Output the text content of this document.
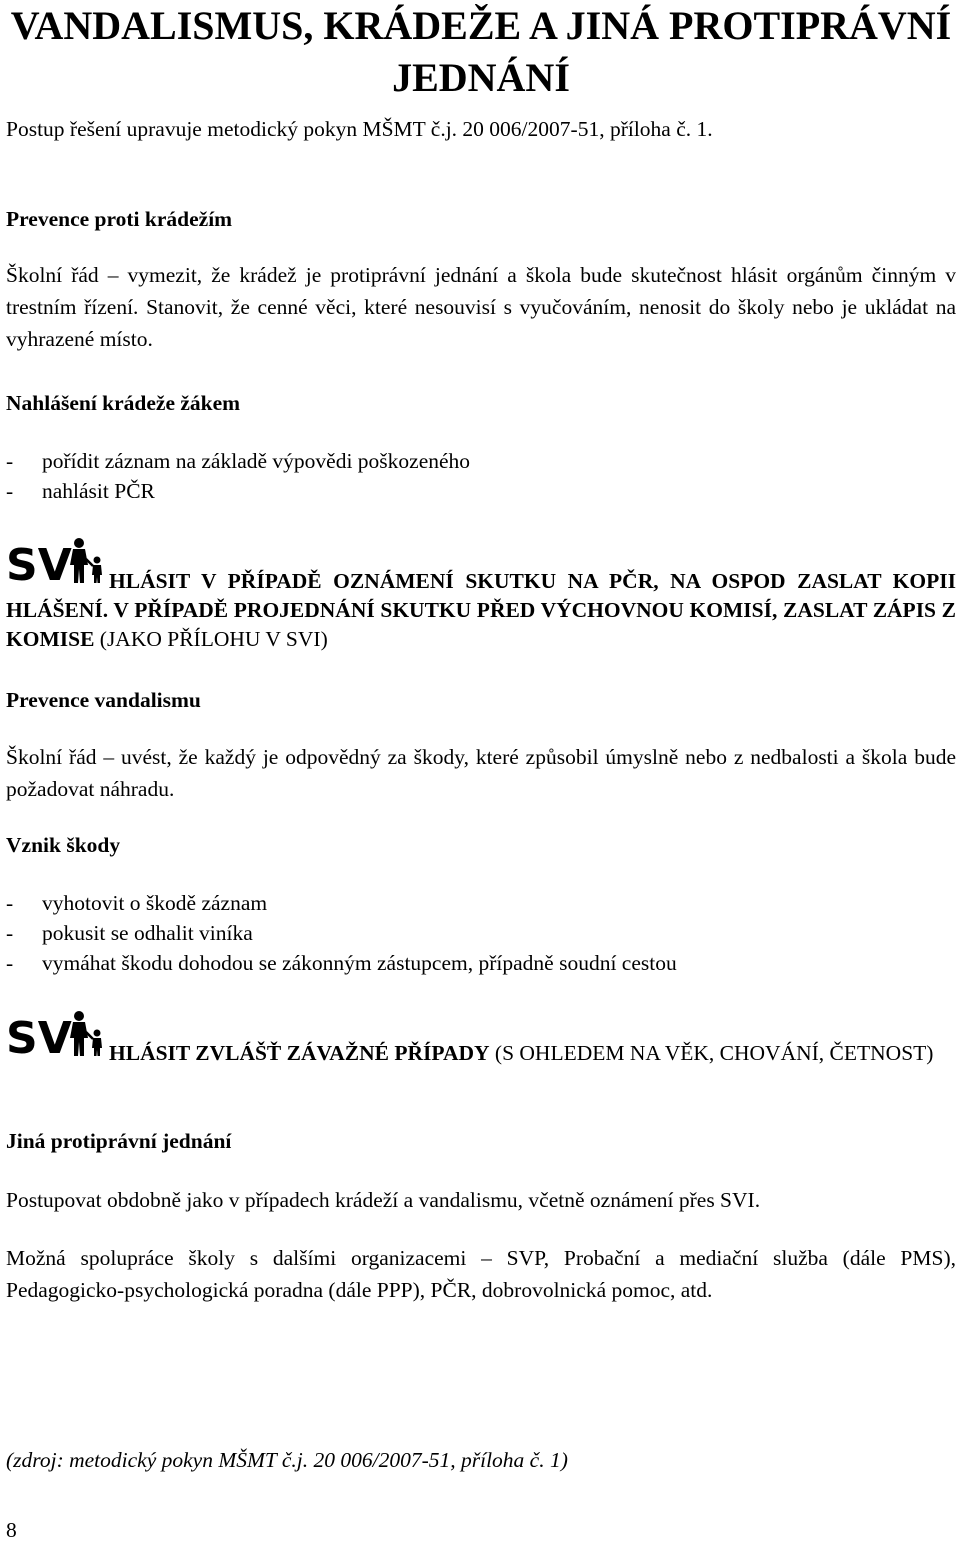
VANDALISMUS, KRÁDEŽE A JINÁ PROTIPRÁVNÍ JEDNÁNÍ

Postup řešení upravuje metodický pokyn MŠMT č.j. 20 006/2007-51, příloha č. 1.

Prevence proti krádežím

Školní řád – vymezit, že krádež je protiprávní jednání a škola bude skutečnost hlásit orgánům činným v trestním řízení. Stanovit, že cenné věci, které nesouvisí s vyučováním, nenosit do školy nebo je ukládat na vyhrazené místo.

Nahlášení krádeže žákem

- pořídit záznam na základě výpovědi poškozeného
- nahlásit PČR
SV	HLÁSIT V PŘÍPADĚ OZNÁMENÍ SKUTKU NA PČR, NA OSPOD ZASLAT KOPII HLÁŠENÍ. V PŘÍPADĚ PROJEDNÁNÍ SKUTKU PŘED VÝCHOVNOU KOMISÍ, ZASLAT ZÁPIS Z KOMISE (JAKO PŘÍLOHU V SVI)

Prevence vandalismu

Školní řád – uvést, že každý je odpovědný za škody, které způsobil úmyslně nebo z nedbalosti a škola bude požadovat náhradu.

Vznik škody

- vyhotovit o škodě záznam
- pokusit se odhalit viníka
- vymáhat škodu dohodou se zákonným zástupcem, případně soudní cestou
SV	HLÁSIT ZVLÁŠŤ ZÁVAŽNÉ PŘÍPADY (S OHLEDEM NA VĚK, CHOVÁNÍ, ČETNOST)

Jiná protiprávní jednání

Postupovat obdobně jako v případech krádeží a vandalismu, včetně oznámení přes SVI.

Možná spolupráce školy s dalšími organizacemi – SVP, Probační a mediační služba (dále PMS), Pedagogicko-psychologická poradna (dále PPP), PČR, dobrovolnická pomoc, atd.

(zdroj: metodický pokyn MŠMT č.j. 20 006/2007-51, příloha č. 1)

8
